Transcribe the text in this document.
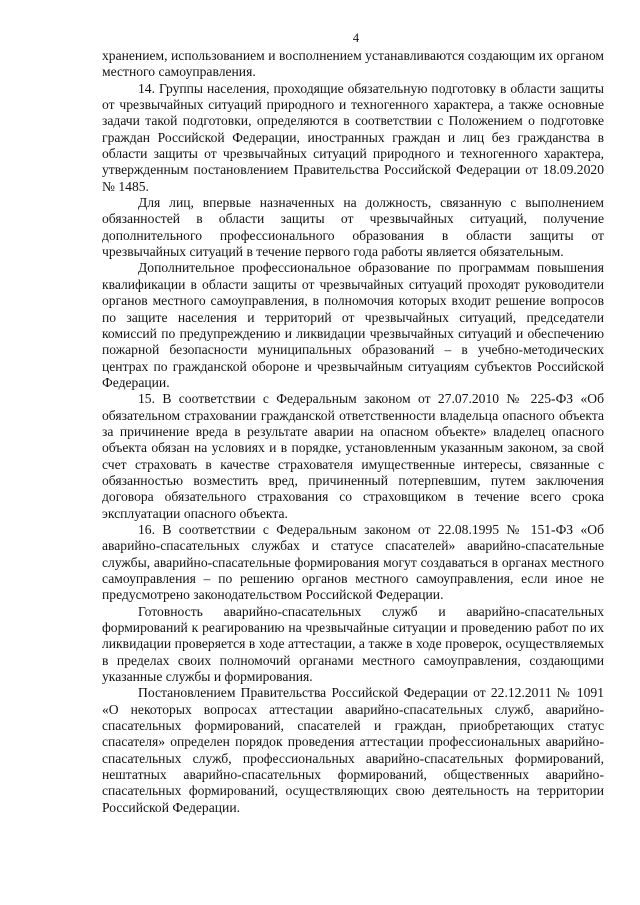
4

хранением, использованием и восполнением устанавливаются создающим их органом местного самоуправления.

14. Группы населения, проходящие обязательную подготовку в области защиты от чрезвычайных ситуаций природного и техногенного характера, а также основные задачи такой подготовки, определяются в соответствии с Положением о подготовке граждан Российской Федерации, иностранных граждан и лиц без гражданства в области защиты от чрезвычайных ситуаций природного и техногенного характера, утвержденным постановлением Правительства Российской Федерации от 18.09.2020 № 1485.

Для лиц, впервые назначенных на должность, связанную с выполнением обязанностей в области защиты от чрезвычайных ситуаций, получение дополнительного профессионального образования в области защиты от чрезвычайных ситуаций в течение первого года работы является обязательным.

Дополнительное профессиональное образование по программам повышения квалификации в области защиты от чрезвычайных ситуаций проходят руководители органов местного самоуправления, в полномочия которых входит решение вопросов по защите населения и территорий от чрезвычайных ситуаций, председатели комиссий по предупреждению и ликвидации чрезвычайных ситуаций и обеспечению пожарной безопасности муниципальных образований – в учебно-методических центрах по гражданской обороне и чрезвычайным ситуациям субъектов Российской Федерации.

15. В соответствии с Федеральным законом от 27.07.2010 № 225-ФЗ «Об обязательном страховании гражданской ответственности владельца опасного объекта за причинение вреда в результате аварии на опасном объекте» владелец опасного объекта обязан на условиях и в порядке, установленным указанным законом, за свой счет страховать в качестве страхователя имущественные интересы, связанные с обязанностью возместить вред, причиненный потерпевшим, путем заключения договора обязательного страхования со страховщиком в течение всего срока эксплуатации опасного объекта.

16. В соответствии с Федеральным законом от 22.08.1995 № 151-ФЗ «Об аварийно-спасательных службах и статусе спасателей» аварийно-спасательные службы, аварийно-спасательные формирования могут создаваться в органах местного самоуправления – по решению органов местного самоуправления, если иное не предусмотрено законодательством Российской Федерации.

Готовность аварийно-спасательных служб и аварийно-спасательных формирований к реагированию на чрезвычайные ситуации и проведению работ по их ликвидации проверяется в ходе аттестации, а также в ходе проверок, осуществляемых в пределах своих полномочий органами местного самоуправления, создающими указанные службы и формирования.

Постановлением Правительства Российской Федерации от 22.12.2011 № 1091 «О некоторых вопросах аттестации аварийно-спасательных служб, аварийно-спасательных формирований, спасателей и граждан, приобретающих статус спасателя» определен порядок проведения аттестации профессиональных аварийно-спасательных служб, профессиональных аварийно-спасательных формирований, нештатных аварийно-спасательных формирований, общественных аварийно-спасательных формирований, осуществляющих свою деятельность на территории Российской Федерации.
